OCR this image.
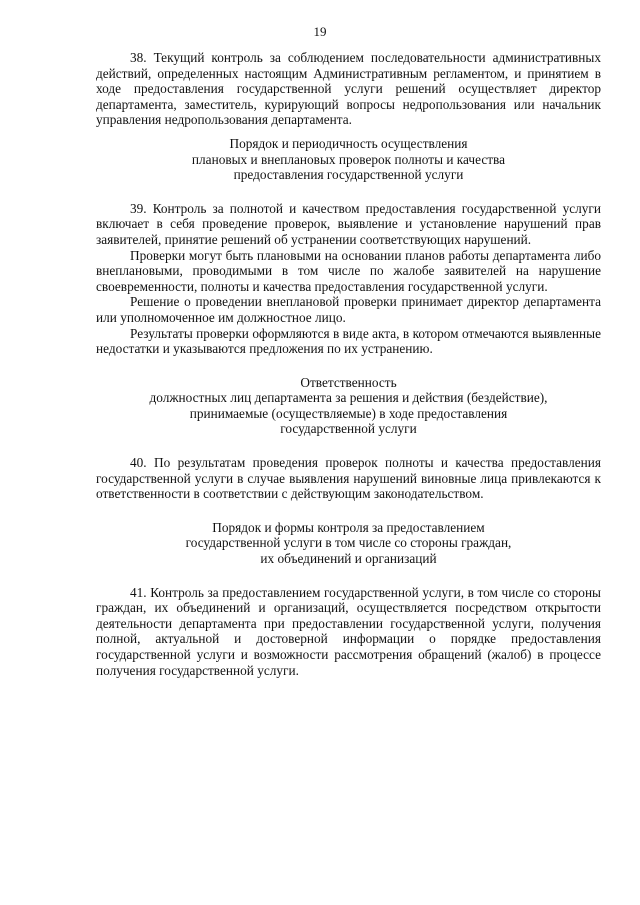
19

38. Текущий контроль за соблюдением последовательности административных действий, определенных настоящим Административным регламентом, и принятием в ходе предоставления государственной услуги решений осуществляет директор департамента, заместитель, курирующий вопросы недропользования или начальник управления недропользования департамента.

Порядок и периодичность осуществления
плановых и внеплановых проверок полноты и качества
предоставления государственной услуги

39. Контроль за полнотой и качеством предоставления государственной услуги включает в себя проведение проверок, выявление и установление нарушений прав заявителей, принятие решений об устранении соответствующих нарушений.

Проверки могут быть плановыми на основании планов работы департамента либо внеплановыми, проводимыми в том числе по жалобе заявителей на нарушение своевременности, полноты и качества предоставления государственной услуги.

Решение о проведении внеплановой проверки принимает директор департамента или уполномоченное им должностное лицо.

Результаты проверки оформляются в виде акта, в котором отмечаются выявленные недостатки и указываются предложения по их устранению.

Ответственность
должностных лиц департамента за решения и действия (бездействие),
принимаемые (осуществляемые) в ходе предоставления
государственной услуги

40. По результатам проведения проверок полноты и качества предоставления государственной услуги в случае выявления нарушений виновные лица привлекаются к ответственности в соответствии с действующим законодательством.

Порядок и формы контроля за предоставлением
государственной услуги в том числе со стороны граждан,
их объединений и организаций

41. Контроль за предоставлением государственной услуги, в том числе со стороны граждан, их объединений и организаций, осуществляется посредством открытости деятельности департамента при предоставлении государственной услуги, получения полной, актуальной и достоверной информации о порядке предоставления государственной услуги и возможности рассмотрения обращений (жалоб) в процессе получения государственной услуги.
